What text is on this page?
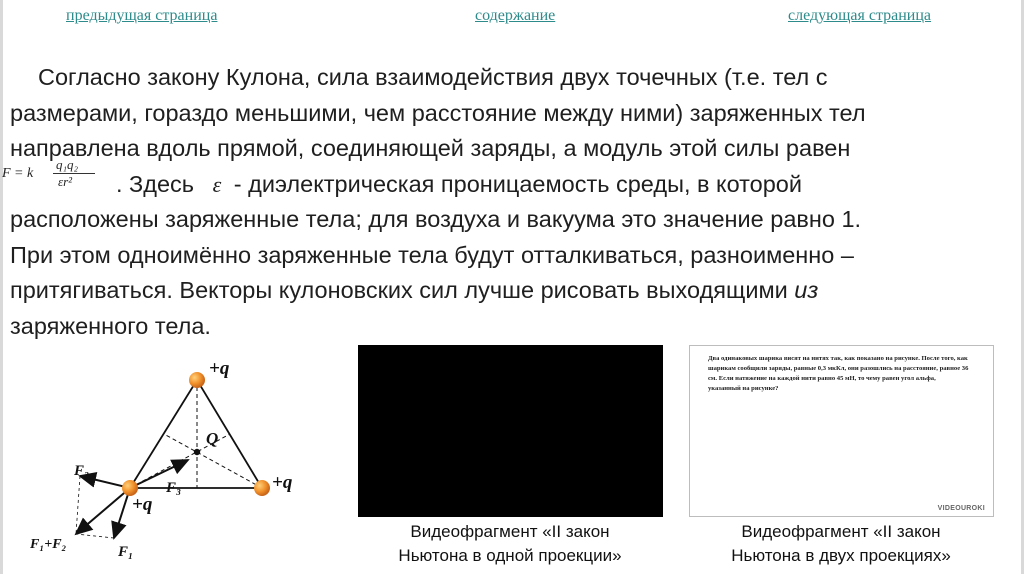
предыдущая страница	содержание	следующая страница
Согласно закону Кулона, сила взаимодействия двух точечных (т.е. тел с
размерами, гораздо меньшими, чем расстояние между ними) заряженных тел
направлена вдоль прямой, соединяющей заряды, а модуль этой силы равен
. Здесь ε - диэлектрическая проницаемость среды, в которой
расположены заряженные тела; для воздуха и вакуума это значение равно 1.
При этом одноимённо заряженные тела будут отталкиваться, разноименно –
притягиваться. Векторы кулоновских сил лучше рисовать выходящими из
заряженного тела.
F = k
q₁q₂
εr²
+q
+q
+q
Q
F₂
F₃
F₁+F₂	F₁
Два одинаковых шарика висят на нитях так, как показано на рисунке. После того, как шарикам сообщили заряды, равные 0,3 мкКл, они разошлись на расстояние, равное 36 см. Если натяжение на каждой нити равно 45 мН, то чему равен угол альфа, указанный на рисунке?
VIDEOUROKI
Видеофрагмент «II закон
Ньютона в одной проекции»
Видеофрагмент «II закон
Ньютона в двух проекциях»
